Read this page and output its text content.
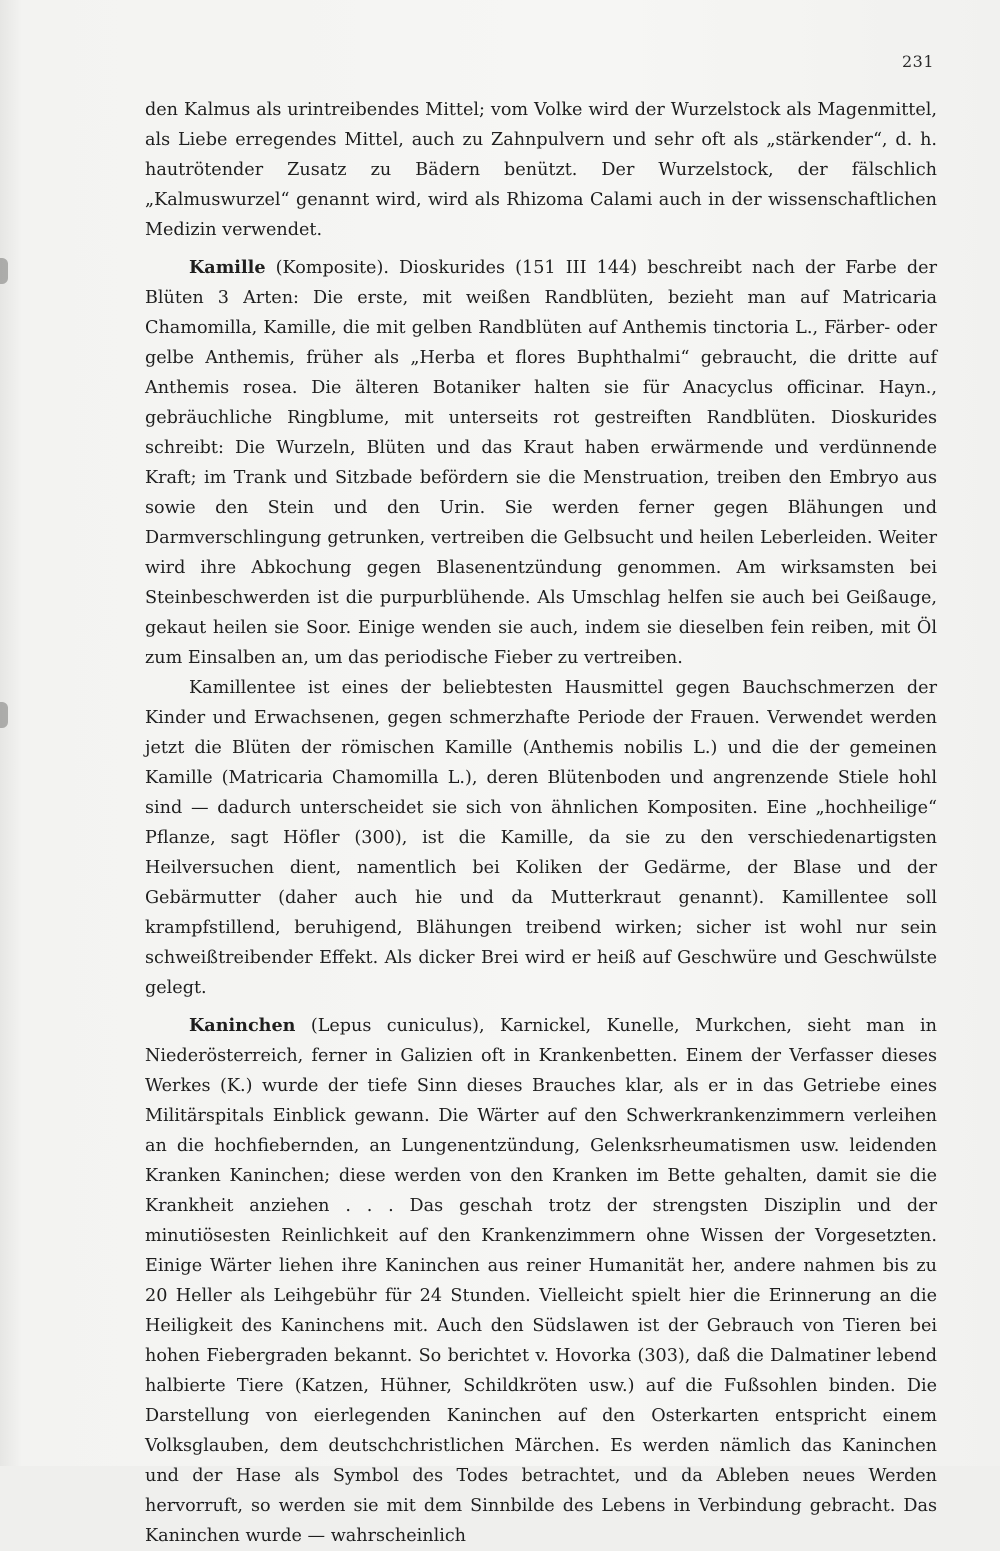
231

den Kalmus als urintreibendes Mittel; vom Volke wird der Wurzelstock als Magenmittel, als Liebe erregendes Mittel, auch zu Zahnpulvern und sehr oft als „stärkender“, d. h. hautrötender Zusatz zu Bädern benützt. Der Wurzelstock, der fälschlich „Kalmuswurzel“ genannt wird, wird als Rhizoma Calami auch in der wissenschaftlichen Medizin verwendet.

Kamille (Komposite). Dioskurides (151 III 144) beschreibt nach der Farbe der Blüten 3 Arten: Die erste, mit weißen Randblüten, bezieht man auf Matricaria Chamomilla, Kamille, die mit gelben Randblüten auf Anthemis tinctoria L., Färber- oder gelbe Anthemis, früher als „Herba et flores Buphthalmi“ gebraucht, die dritte auf Anthemis rosea. Die älteren Botaniker halten sie für Anacyclus officinar. Hayn., gebräuchliche Ringblume, mit unterseits rot gestreiften Randblüten. Dioskurides schreibt: Die Wurzeln, Blüten und das Kraut haben erwärmende und verdünnende Kraft; im Trank und Sitzbade befördern sie die Menstruation, treiben den Embryo aus sowie den Stein und den Urin. Sie werden ferner gegen Blähungen und Darmverschlingung getrunken, vertreiben die Gelbsucht und heilen Leberleiden. Weiter wird ihre Abkochung gegen Blasenentzündung genommen. Am wirksamsten bei Steinbeschwerden ist die purpurblühende. Als Umschlag helfen sie auch bei Geißauge, gekaut heilen sie Soor. Einige wenden sie auch, indem sie dieselben fein reiben, mit Öl zum Einsalben an, um das periodische Fieber zu vertreiben.

Kamillentee ist eines der beliebtesten Hausmittel gegen Bauchschmerzen der Kinder und Erwachsenen, gegen schmerzhafte Periode der Frauen. Verwendet werden jetzt die Blüten der römischen Kamille (Anthemis nobilis L.) und die der gemeinen Kamille (Matricaria Chamomilla L.), deren Blütenboden und angrenzende Stiele hohl sind — dadurch unterscheidet sie sich von ähnlichen Kompositen. Eine „hochheilige“ Pflanze, sagt Höfler (300), ist die Kamille, da sie zu den verschiedenartigsten Heilversuchen dient, namentlich bei Koliken der Gedärme, der Blase und der Gebärmutter (daher auch hie und da Mutterkraut genannt). Kamillentee soll krampfstillend, beruhigend, Blähungen treibend wirken; sicher ist wohl nur sein schweißtreibender Effekt. Als dicker Brei wird er heiß auf Geschwüre und Geschwülste gelegt.

Kaninchen (Lepus cuniculus), Karnickel, Kunelle, Murkchen, sieht man in Niederösterreich, ferner in Galizien oft in Krankenbetten. Einem der Verfasser dieses Werkes (K.) wurde der tiefe Sinn dieses Brauches klar, als er in das Getriebe eines Militärspitals Einblick gewann. Die Wärter auf den Schwerkrankenzimmern verleihen an die hochfiebernden, an Lungenentzündung, Gelenksrheumatismen usw. leidenden Kranken Kaninchen; diese werden von den Kranken im Bette gehalten, damit sie die Krankheit anziehen . . . Das geschah trotz der strengsten Disziplin und der minutiösesten Reinlichkeit auf den Krankenzimmern ohne Wissen der Vorgesetzten. Einige Wärter liehen ihre Kaninchen aus reiner Humanität her, andere nahmen bis zu 20 Heller als Leihgebühr für 24 Stunden. Vielleicht spielt hier die Erinnerung an die Heiligkeit des Kaninchens mit. Auch den Südslawen ist der Gebrauch von Tieren bei hohen Fiebergraden bekannt. So berichtet v. Hovorka (303), daß die Dalmatiner lebend halbierte Tiere (Katzen, Hühner, Schildkröten usw.) auf die Fußsohlen binden. Die Darstellung von eierlegenden Kaninchen auf den Osterkarten entspricht einem Volksglauben, dem deutschchristlichen Märchen. Es werden nämlich das Kaninchen und der Hase als Symbol des Todes betrachtet, und da Ableben neues Werden hervorruft, so werden sie mit dem Sinnbilde des Lebens in Verbindung gebracht. Das Kaninchen wurde — wahrscheinlich
